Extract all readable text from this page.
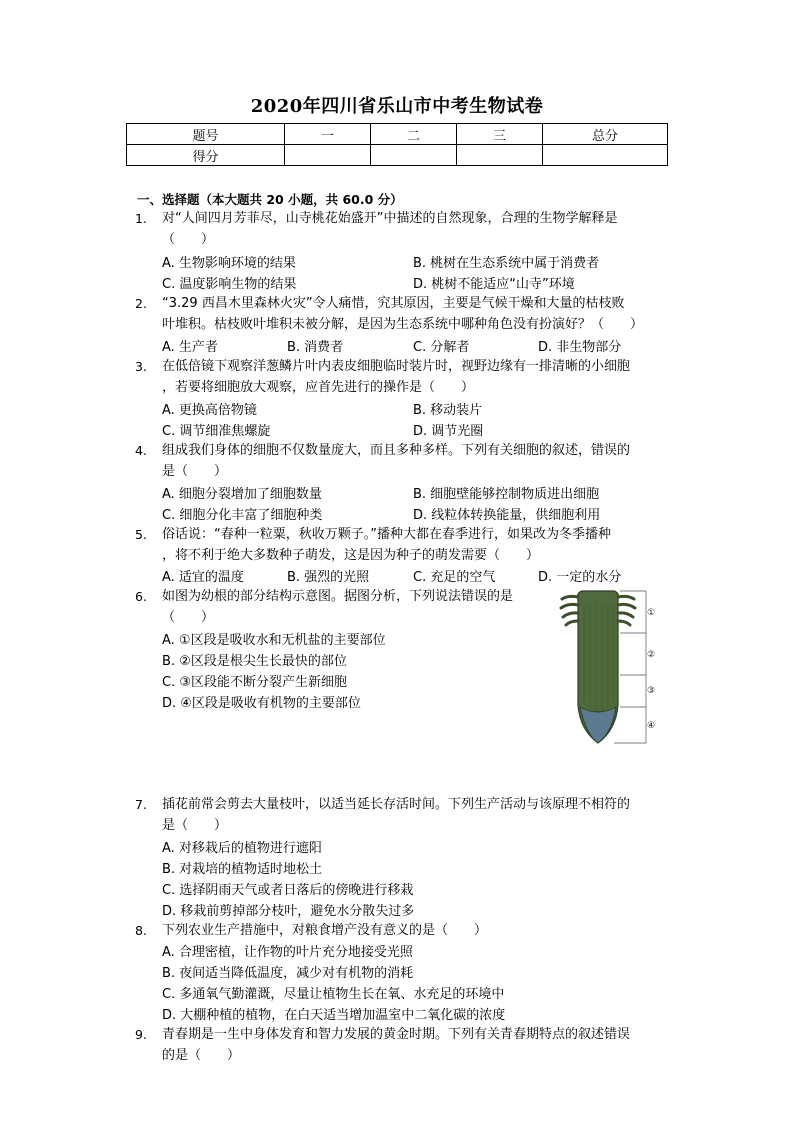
2020年四川省乐山市中考生物试卷
题号	一	二	三	总分
得分				
一、选择题（本大题共 20 小题，共 60.0 分）
1. 对“人间四月芳菲尽，山寺桃花始盛开”中描述的自然现象，合理的生物学解释是
（　　）
A. 生物影响环境的结果	B. 桃树在生态系统中属于消费者
C. 温度影响生物的结果	D. 桃树不能适应“山寺”环境
2. “3.29 西昌木里森林火灾”令人痛惜，究其原因，主要是气候干燥和大量的枯枝败
叶堆积。枯枝败叶堆积未被分解，是因为生态系统中哪种角色没有扮演好？（　　）
A. 生产者	B. 消费者	C. 分解者	D. 非生物部分
3. 在低倍镜下观察洋葱鳞片叶内表皮细胞临时装片时，视野边缘有一排清晰的小细胞
，若要将细胞放大观察，应首先进行的操作是（　　）
A. 更换高倍物镜	B. 移动装片
C. 调节细准焦螺旋	D. 调节光圈
4. 组成我们身体的细胞不仅数量庞大，而且多种多样。下列有关细胞的叙述，错误的
是（　　）
A. 细胞分裂增加了细胞数量	B. 细胞壁能够控制物质进出细胞
C. 细胞分化丰富了细胞种类	D. 线粒体转换能量，供细胞利用
5. 俗话说：“春种一粒粟，秋收万颗子。”播种大都在春季进行，如果改为冬季播种
，将不利于绝大多数种子萌发，这是因为种子的萌发需要（　　）
A. 适宜的温度	B. 强烈的光照	C. 充足的空气	D. 一定的水分
6. 如图为幼根的部分结构示意图。据图分析，下列说法错误的是
（　　）
A. ①区段是吸收水和无机盐的主要部位
B. ②区段是根尖生长最快的部位
C. ③区段能不断分裂产生新细胞
D. ④区段是吸收有机物的主要部位
①
②
③
④
7. 插花前常会剪去大量枝叶，以适当延长存活时间。下列生产活动与该原理不相符的
是（　　）
A. 对移栽后的植物进行遮阳
B. 对栽培的植物适时地松土
C. 选择阴雨天气或者日落后的傍晚进行移栽
D. 移栽前剪掉部分枝叶，避免水分散失过多
8. 下列农业生产措施中，对粮食增产没有意义的是（　　）
A. 合理密植，让作物的叶片充分地接受光照
B. 夜间适当降低温度，减少对有机物的消耗
C. 多通氧气勤灌溉，尽量让植物生长在氧、水充足的环境中
D. 大棚种植的植物，在白天适当增加温室中二氧化碳的浓度
9. 青春期是一生中身体发育和智力发展的黄金时期。下列有关青春期特点的叙述错误
的是（　　）
